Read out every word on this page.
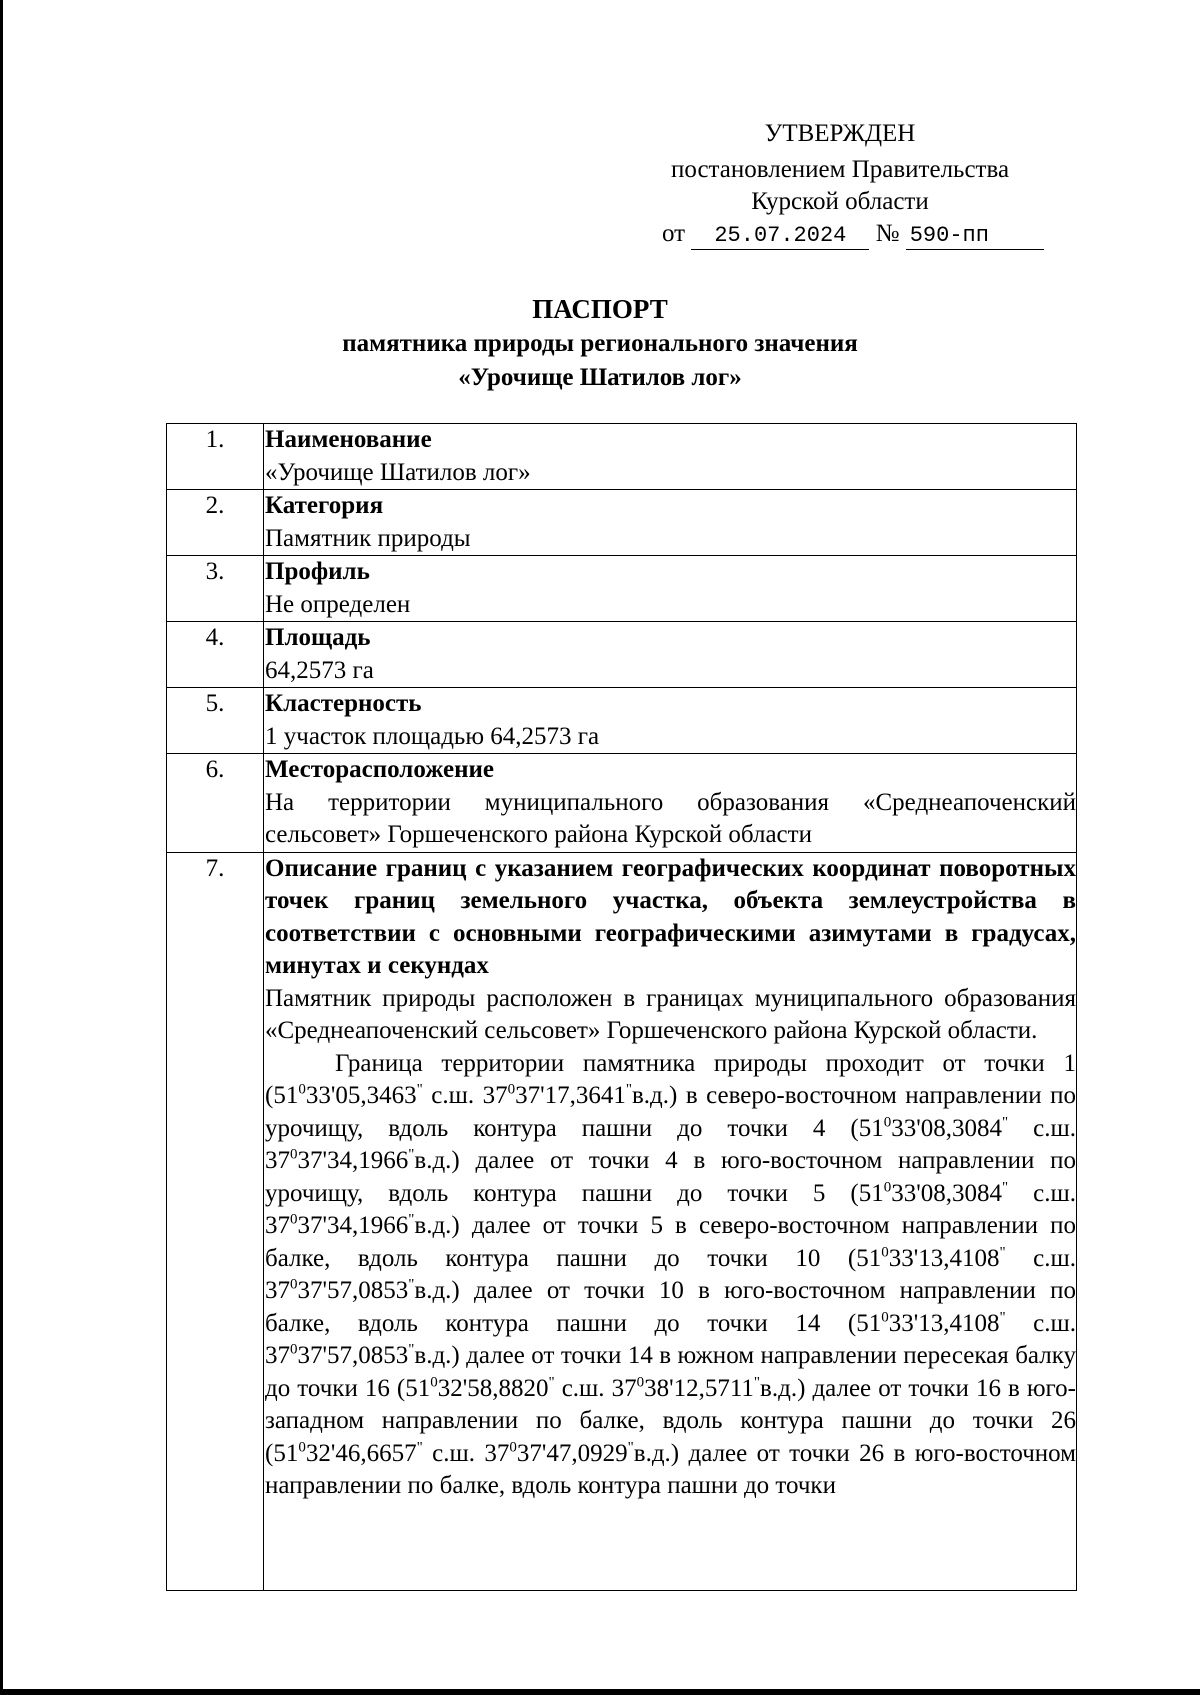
УТВЕРЖДЕН
постановлением Правительства
Курской области
от 25.07.2024 № 590-пп
ПАСПОРТ
памятника природы регионального значения
«Урочище Шатилов лог»
1.	Наименование
«Урочище Шатилов лог»

2.	Категория
Памятник природы

3.	Профиль
Не определен

4.	Площадь
64,2573 га

5.	Кластерность
1 участок площадью 64,2573 га

6.	Месторасположение
На территории муниципального образования «Среднеапоченский сельсовет» Горшеченского района Курской области

7.	Описание границ с указанием географических координат поворотных точек границ земельного участка, объекта землеустройства в соответствии с основными географическими азимутами в градусах, минутах и секундах
Памятник природы расположен в границах муниципального образования «Среднеапоченский сельсовет» Горшеченского района Курской области.
Граница территории памятника природы проходит от точки 1 ($51^033'05,3463^"$ с.ш. $37^037'17,3641^"в.д$.) в северо-восточном направлении по урочищу, вдоль контура пашни до точки 4 ($51^033'08,3084^"$ с.ш. $37^037'34,1966^"в.д$.) далее от точки 4 в юго-восточном направлении по урочищу, вдоль контура пашни до точки 5 ($51^033'08,3084^"$ с.ш. $37^037'34,1966^"в.д$.) далее от точки 5 в северо-восточном направлении по балке, вдоль контура пашни до точки 10 ($51^033'13,4108^"$ с.ш. $37^037'57,0853^"в.д$.) далее от точки 10 в юго-восточном направлении по балке, вдоль контура пашни до точки 14 ($51^033'13,4108^"$ с.ш. $37^037'57,0853^"в.д$.) далее от точки 14 в южном направлении пересекая балку до точки 16 ($51^032'58,8820^"$ с.ш. $37^038'12,5711^"в.д$.) далее от точки 16 в юго-западном направлении по балке, вдоль контура пашни до точки 26 ($51^032'46,6657^"$ с.ш. $37^037'47,0929^"в.д$.) далее от точки 26 в юго-восточном направлении по балке, вдоль контура пашни до точки
